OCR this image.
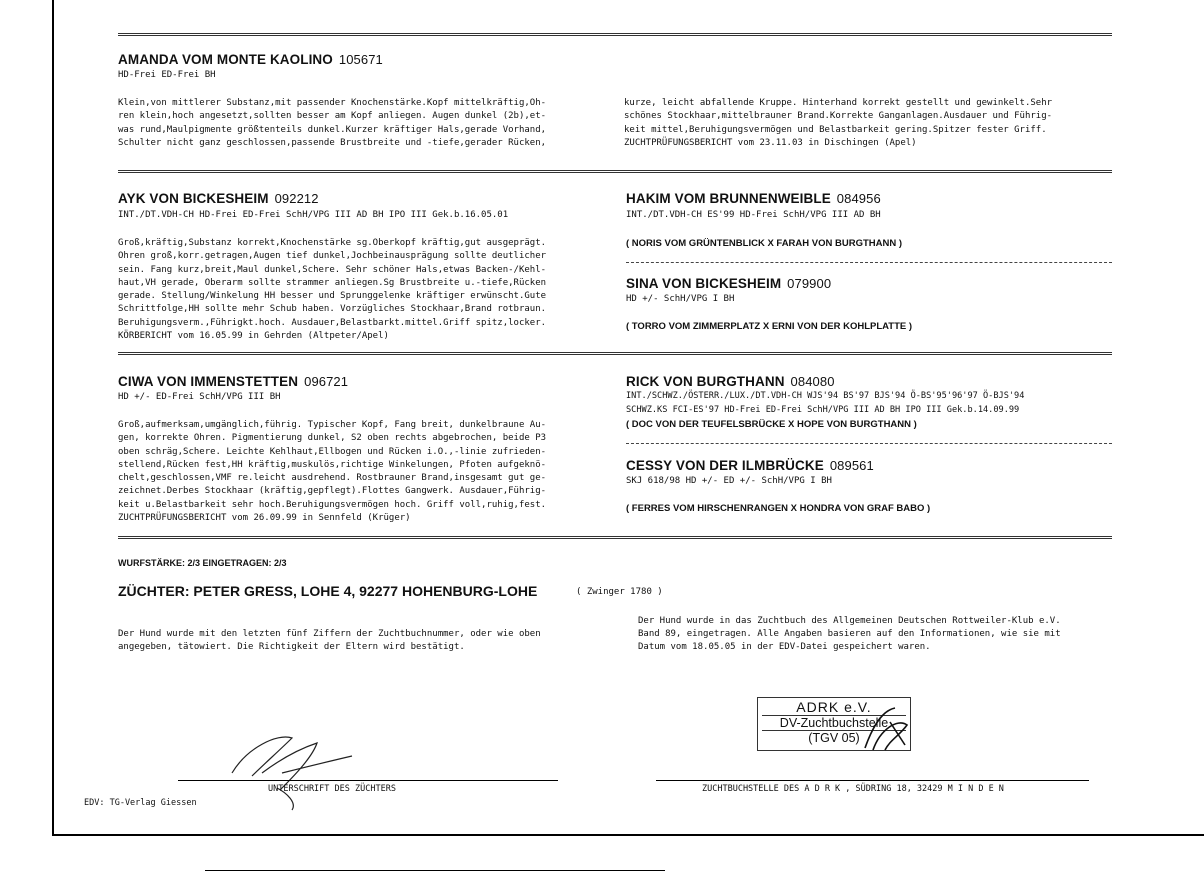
AMANDA VOM MONTE KAOLINO 105671
HD-Frei ED-Frei BH
Klein,von mittlerer Substanz,mit passender Knochenstärke.Kopf mittelkräftig,Oh-
ren klein,hoch angesetzt,sollten besser am Kopf anliegen. Augen dunkel (2b),et-
was rund,Maulpigmente größtenteils dunkel.Kurzer kräftiger Hals,gerade Vorhand,
Schulter nicht ganz geschlossen,passende Brustbreite und -tiefe,gerader Rücken,
kurze, leicht abfallende Kruppe. Hinterhand korrekt gestellt und gewinkelt.Sehr
schönes Stockhaar,mittelbrauner Brand.Korrekte Ganganlagen.Ausdauer und Führig-
keit mittel,Beruhigungsvermögen und Belastbarkeit gering.Spitzer fester Griff.
ZUCHTPRÜFUNGSBERICHT vom 23.11.03 in Dischingen (Apel)
AYK VON BICKESHEIM 092212
INT./DT.VDH-CH HD-Frei ED-Frei SchH/VPG III AD BH IPO III Gek.b.16.05.01
Groß,kräftig,Substanz korrekt,Knochenstärke sg.Oberkopf kräftig,gut ausgeprägt.
Ohren groß,korr.getragen,Augen tief dunkel,Jochbeinausprägung sollte deutlicher
sein. Fang kurz,breit,Maul dunkel,Schere. Sehr schöner Hals,etwas Backen-/Kehl-
haut,VH gerade, Oberarm sollte strammer anliegen.Sg Brustbreite u.-tiefe,Rücken
gerade. Stellung/Winkelung HH besser und Sprunggelenke kräftiger erwünscht.Gute
Schrittfolge,HH sollte mehr Schub haben. Vorzügliches Stockhaar,Brand rotbraun.
Beruhigungsverm.,Führigkt.hoch. Ausdauer,Belastbarkt.mittel.Griff spitz,locker.
KÖRBERICHT vom 16.05.99 in Gehrden (Altpeter/Apel)
HAKIM VOM BRUNNENWEIBLE 084956
INT./DT.VDH-CH ES'99 HD-Frei SchH/VPG III AD BH
( NORIS VOM GRÜNTENBLICK X FARAH VON BURGTHANN )
SINA VON BICKESHEIM 079900
HD +/- SchH/VPG I BH
( TORRO VOM ZIMMERPLATZ X ERNI VON DER KOHLPLATTE )
CIWA VON IMMENSTETTEN 096721
HD +/- ED-Frei SchH/VPG III BH
Groß,aufmerksam,umgänglich,führig. Typischer Kopf, Fang breit, dunkelbraune Au-
gen, korrekte Ohren. Pigmentierung dunkel, S2 oben rechts abgebrochen, beide P3
oben schräg,Schere. Leichte Kehlhaut,Ellbogen und Rücken i.O.,-linie zufrieden-
stellend,Rücken fest,HH kräftig,muskulös,richtige Winkelungen, Pfoten aufgeknö-
chelt,geschlossen,VMF re.leicht ausdrehend. Rostbrauner Brand,insgesamt gut ge-
zeichnet.Derbes Stockhaar (kräftig,gepflegt).Flottes Gangwerk. Ausdauer,Führig-
keit u.Belastbarkeit sehr hoch.Beruhigungsvermögen hoch. Griff voll,ruhig,fest.
ZUCHTPRÜFUNGSBERICHT vom 26.09.99 in Sennfeld (Krüger)
RICK VON BURGTHANN 084080
INT./SCHWZ./ÖSTERR./LUX./DT.VDH-CH WJS'94 BS'97 BJS'94 Ö-BS'95'96'97 Ö-BJS'94
SCHWZ.KS FCI-ES'97 HD-Frei ED-Frei SchH/VPG III AD BH IPO III Gek.b.14.09.99
( DOC VON DER TEUFELSBRÜCKE X HOPE VON BURGTHANN )
CESSY VON DER ILMBRÜCKE 089561
SKJ 618/98 HD +/- ED +/- SchH/VPG I BH
( FERRES VOM HIRSCHENRANGEN X HONDRA VON GRAF BABO )
WURFSTÄRKE: 2/3 EINGETRAGEN: 2/3
ZÜCHTER: PETER GRESS, LOHE 4, 92277 HOHENBURG-LOHE	( Zwinger 1780 )
Der Hund wurde mit den letzten fünf Ziffern der Zuchtbuchnummer, oder wie oben
angegeben, tätowiert. Die Richtigkeit der Eltern wird bestätigt.
Der Hund wurde in das Zuchtbuch des Allgemeinen Deutschen Rottweiler-Klub e.V.
Band 89, eingetragen. Alle Angaben basieren auf den Informationen, wie sie mit
Datum vom 18.05.05 in der EDV-Datei gespeichert waren.
ADRK e.V.
DV-Zuchtbuchstelle
(TGV 05)
UNTERSCHRIFT DES ZÜCHTERS	ZUCHTBUCHSTELLE DES A D R K , SÜDRING 18, 32429 M I N D E N
EDV: TG-Verlag Giessen
